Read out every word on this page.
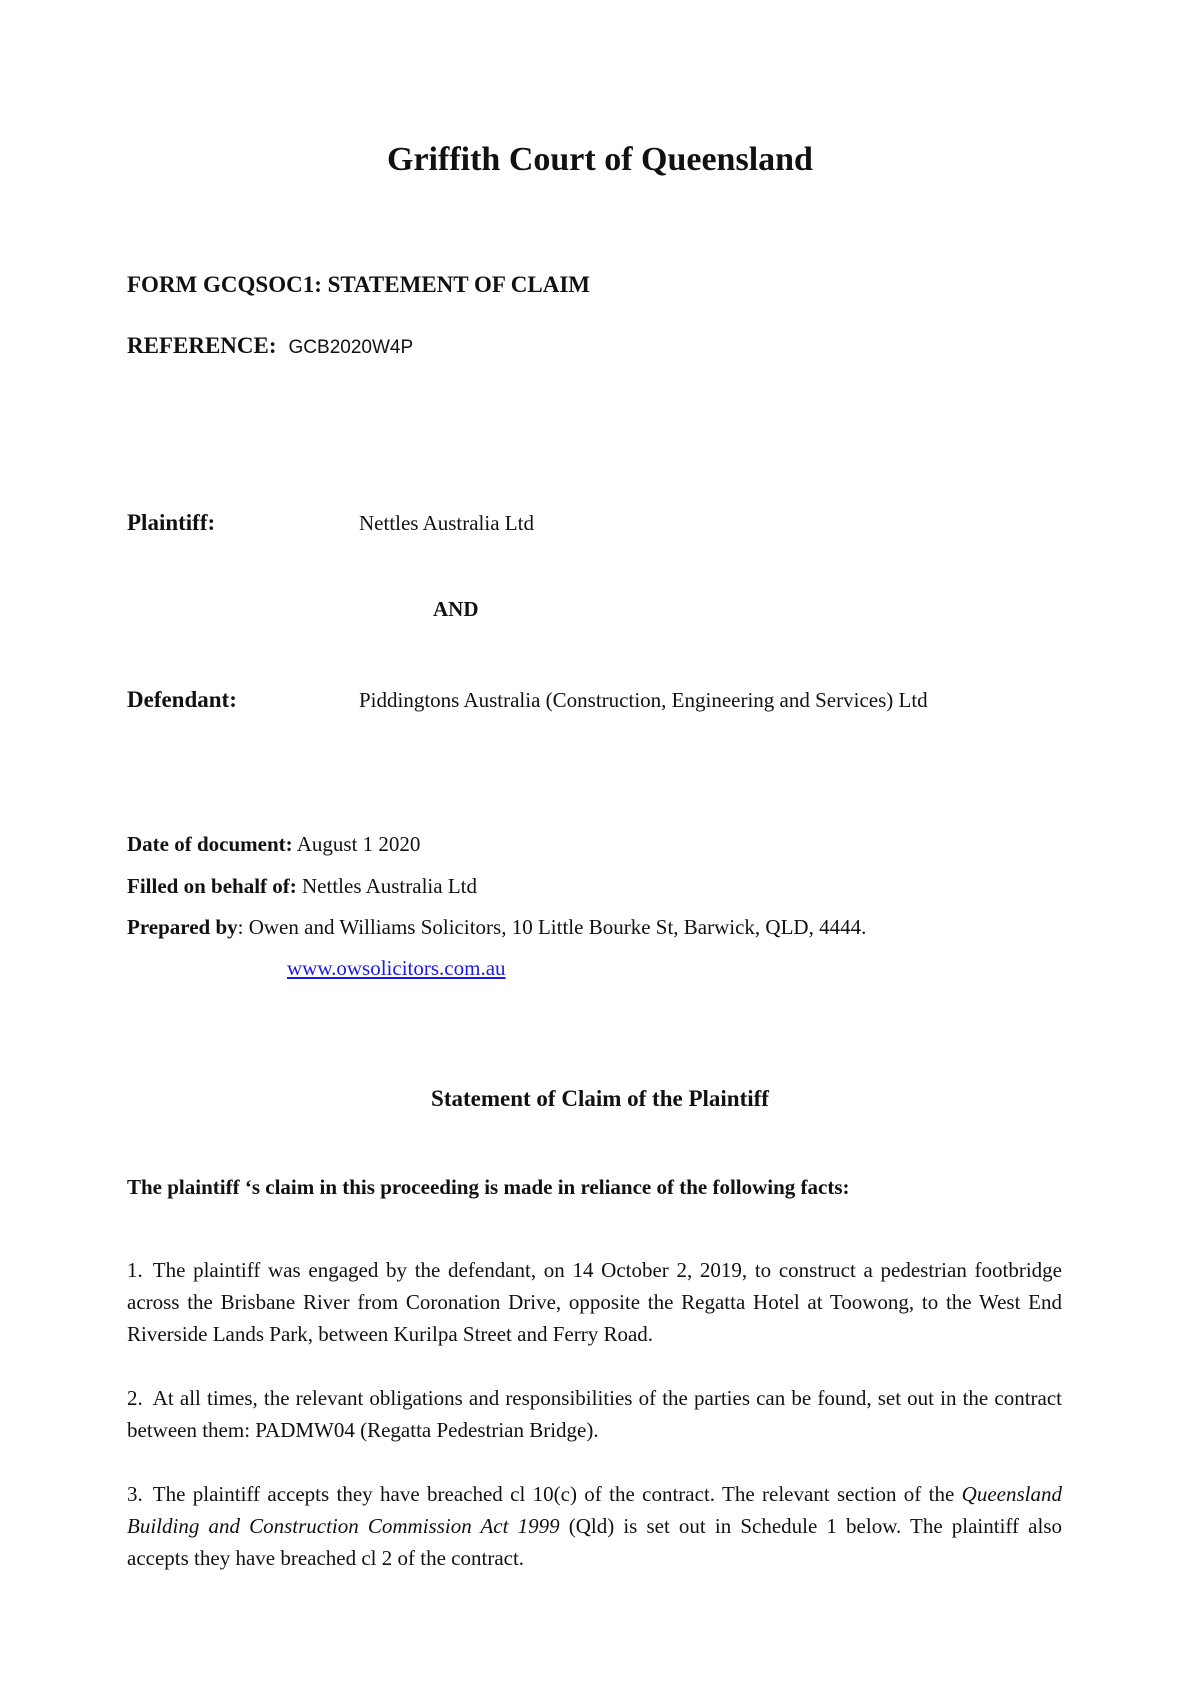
Griffith Court of Queensland
FORM GCQSOC1: STATEMENT OF CLAIM
REFERENCE: GCB2020W4P
Plaintiff:	Nettles Australia Ltd
AND
Defendant:	Piddingtons Australia (Construction, Engineering and Services) Ltd
Date of document: August 1 2020
Filled on behalf of: Nettles Australia Ltd
Prepared by: Owen and Williams Solicitors, 10 Little Bourke St, Barwick, QLD, 4444.
www.owsolicitors.com.au
Statement of Claim of the Plaintiff
The plaintiff ‘s claim in this proceeding is made in reliance of the following facts:
1. The plaintiff was engaged by the defendant, on 14 October 2, 2019, to construct a pedestrian footbridge across the Brisbane River from Coronation Drive, opposite the Regatta Hotel at Toowong, to the West End Riverside Lands Park, between Kurilpa Street and Ferry Road.
2. At all times, the relevant obligations and responsibilities of the parties can be found, set out in the contract between them: PADMW04 (Regatta Pedestrian Bridge).
3. The plaintiff accepts they have breached cl 10(c) of the contract. The relevant section of the Queensland Building and Construction Commission Act 1999 (Qld) is set out in Schedule 1 below. The plaintiff also accepts they have breached cl 2 of the contract.
